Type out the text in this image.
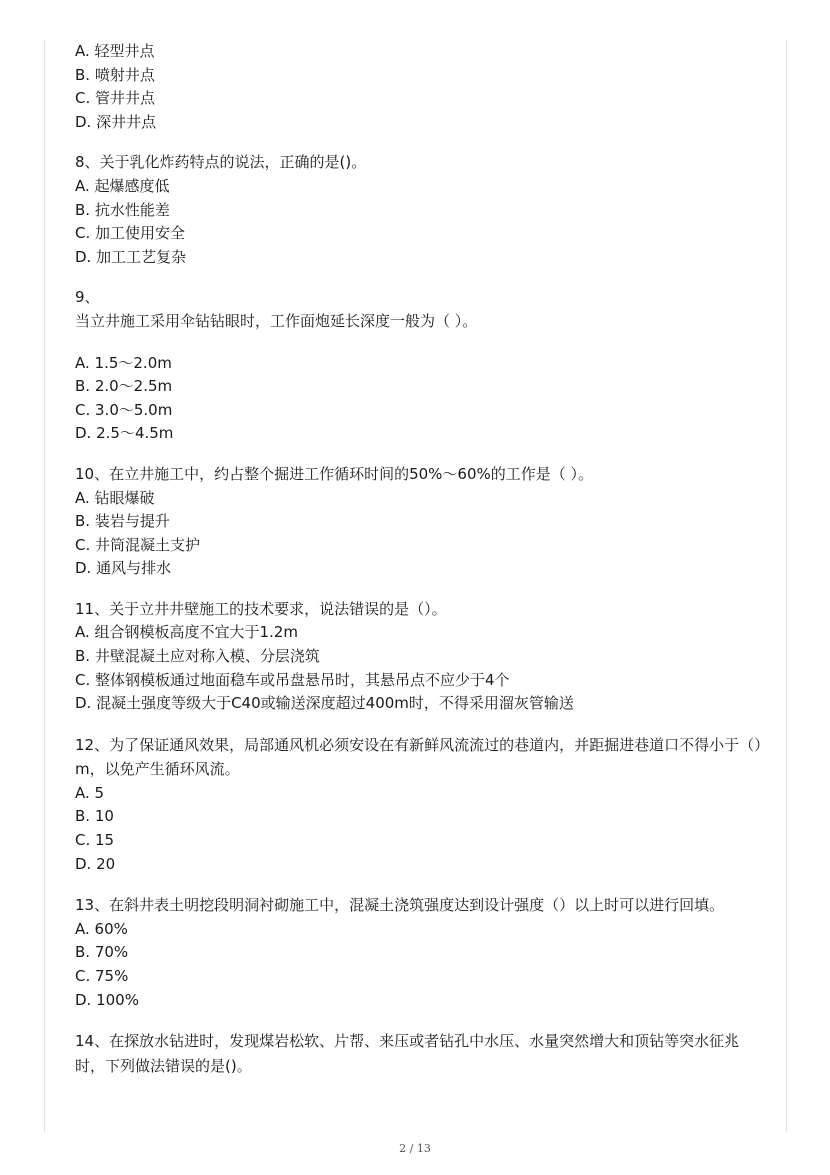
A. 轻型井点
B. 喷射井点
C. 管井井点
D. 深井井点
8、关于乳化炸药特点的说法，正确的是()。
A. 起爆感度低
B. 抗水性能差
C. 加工使用安全
D. 加工工艺复杂
9、
当立井施工采用伞钻钻眼时，工作面炮延长深度一般为（ ）。
A. 1.5～2.0m
B. 2.0～2.5m
C. 3.0～5.0m
D. 2.5～4.5m
10、在立井施工中，约占整个掘进工作循环时间的50%～60%的工作是（ ）。
A. 钻眼爆破
B. 装岩与提升
C. 井筒混凝土支护
D. 通风与排水
11、关于立井井壁施工的技术要求，说法错误的是（）。
A. 组合钢模板高度不宜大于1.2m
B. 井壁混凝土应对称入模、分层浇筑
C. 整体钢模板通过地面稳车或吊盘悬吊时，其悬吊点不应少于4个
D. 混凝土强度等级大于C40或输送深度超过400m时，不得采用溜灰管输送
12、为了保证通风效果，局部通风机必须安设在有新鲜风流流过的巷道内，并距掘进巷道口不得小于（）m，以免产生循环风流。
A. 5
B. 10
C. 15
D. 20
13、在斜井表土明挖段明洞衬砌施工中，混凝土浇筑强度达到设计强度（）以上时可以进行回填。
A. 60%
B. 70%
C. 75%
D. 100%
14、在探放水钻进时，发现煤岩松软、片帮、来压或者钻孔中水压、水量突然增大和顶钻等突水征兆时，下列做法错误的是()。
2 / 13
